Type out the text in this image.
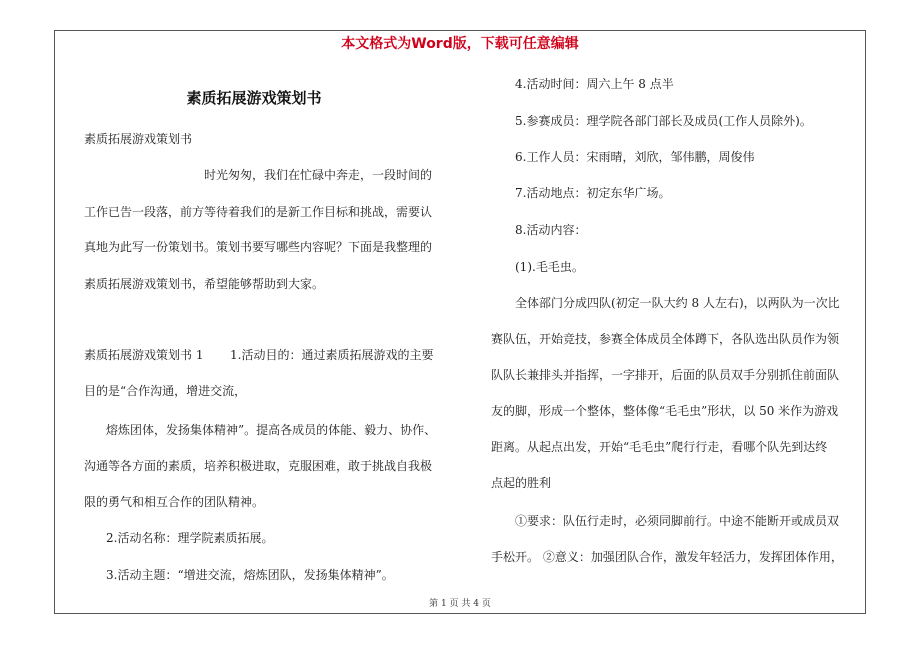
本文格式为Word版，下载可任意编辑
素质拓展游戏策划书
素质拓展游戏策划书
时光匆匆，我们在忙碌中奔走，一段时间的
工作已告一段落，前方等待着我们的是新工作目标和挑战，需要认
真地为此写一份策划书。策划书要写哪些内容呢？下面是我整理的
素质拓展游戏策划书，希望能够帮助到大家。
素质拓展游戏策划书 1 1.活动目的：通过素质拓展游戏的主要
目的是“合作沟通，增进交流，
熔炼团体，发扬集体精神”。提高各成员的体能、毅力、协作、
沟通等各方面的素质，培养积极进取，克服困难，敢于挑战自我极
限的勇气和相互合作的团队精神。
2.活动名称：理学院素质拓展。
3.活动主题：“增进交流，熔炼团队，发扬集体精神”。
4.活动时间：周六上午 8 点半
5.参赛成员：理学院各部门部长及成员(工作人员除外)。
6.工作人员：宋雨晴，刘欣，邹伟鹏，周俊伟
7.活动地点：初定东华广场。
8.活动内容：
(1).毛毛虫。
全体部门分成四队(初定一队大约 8 人左右)，以两队为一次比
赛队伍，开始竞技，参赛全体成员全体蹲下，各队选出队员作为领
队队长兼排头并指挥，一字排开，后面的队员双手分别抓住前面队
友的脚，形成一个整体，整体像“毛毛虫”形状，以 50 米作为游戏
距离。从起点出发，开始“毛毛虫”爬行行走，看哪个队先到达终
点起的胜利
①要求：队伍行走时，必须同脚前行。中途不能断开或成员双
手松开。 ②意义：加强团队合作，激发年轻活力，发挥团体作用，
第 1 页 共 4 页
